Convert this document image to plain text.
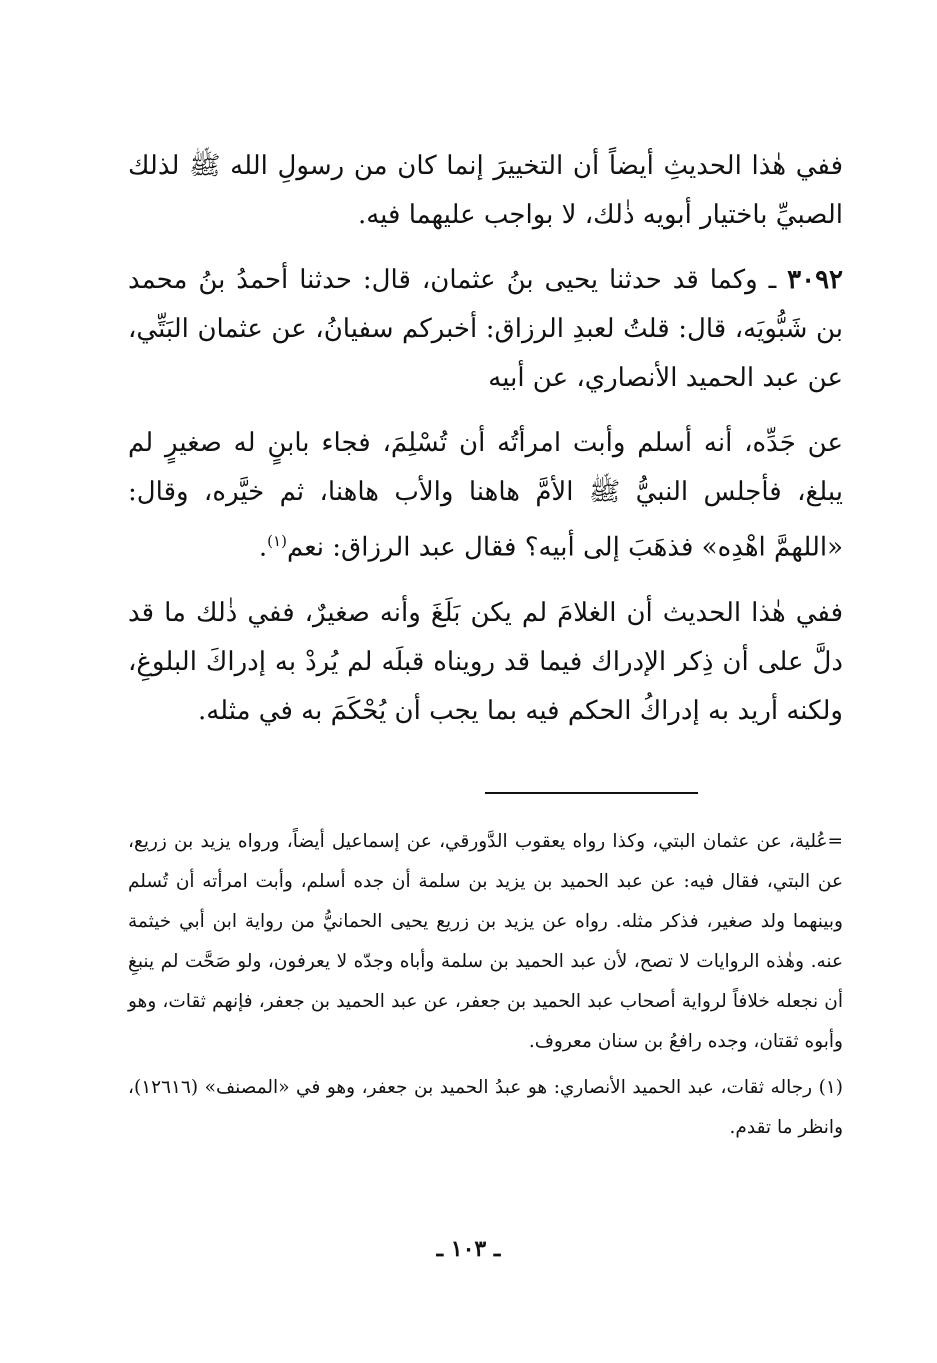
ففي هٰذا الحديثِ أيضاً أن التخييرَ إنما كان من رسولِ الله ﷺ لذلك الصبيِّ باختيار أبويه ذٰلك، لا بواجب عليهما فيه.

٣٠٩٢ ـ وكما قد حدثنا يحيى بنُ عثمان، قال: حدثنا أحمدُ بنُ محمد بن شَبُّويَه، قال: قلتُ لعبدِ الرزاق: أخبركم سفيانُ، عن عثمان البَتِّي، عن عبد الحميد الأنصاري، عن أبيه

عن جَدِّه، أنه أسلم وأبت امرأتُه أن تُسْلِمَ، فجاء بابنٍ له صغيرٍ لم يبلغ، فأجلس النبيُّ ﷺ الأمَّ هاهنا والأب هاهنا، ثم خيَّره، وقال: «اللهمَّ اهْدِه» فذهَبَ إلى أبيه؟ فقال عبد الرزاق: نعم$^{(١)}$.

ففي هٰذا الحديث أن الغلامَ لم يكن بَلَغَ وأنه صغيرٌ، ففي ذٰلك ما قد دلَّ على أن ذِكر الإدراك فيما قد رويناه قبلَه لم يُردْ به إدراكَ البلوغِ، ولكنه أريد به إدراكُ الحكم فيه بما يجب أن يُحْكَمَ به في مثله.

=عُلية، عن عثمان البتي، وكذا رواه يعقوب الدَّورقي، عن إسماعيل أيضاً، ورواه يزيد بن زريع، عن البتي، فقال فيه: عن عبد الحميد بن يزيد بن سلمة أن جده أسلم، وأبت امرأته أن تُسلم وبينهما ولد صغير، فذكر مثله. رواه عن يزيد بن زريع يحيى الحمانيُّ من رواية ابن أبي خيثمة عنه. وهٰذه الروايات لا تصح، لأن عبد الحميد بن سلمة وأباه وجدّه لا يعرفون، ولو صَحَّت لم ينبغِ أن نجعله خلافاً لرواية أصحاب عبد الحميد بن جعفر، عن عبد الحميد بن جعفر، فإنهم ثقات، وهو وأبوه ثقتان، وجده رافعُ بن سنان معروف.

(١) رجاله ثقات، عبد الحميد الأنصاري: هو عبدُ الحميد بن جعفر، وهو في «المصنف» (١٢٦١٦)، وانظر ما تقدم.

ـ ١٠٣ ـ
